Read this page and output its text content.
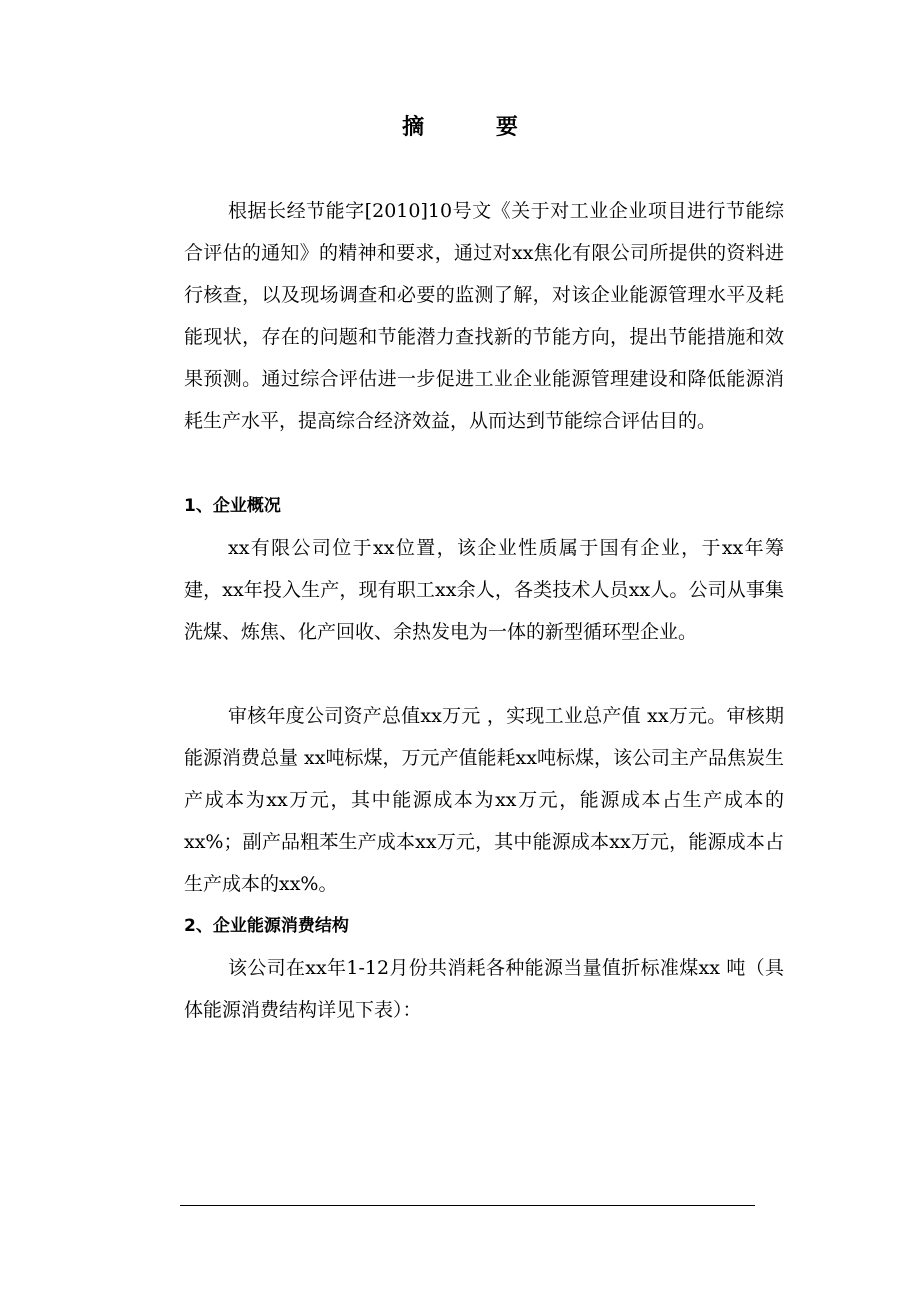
摘 要

根据长经节能字[2010]10号文《关于对工业企业项目进行节能综合评估的通知》的精神和要求，通过对xx焦化有限公司所提供的资料进行核查，以及现场调查和必要的监测了解，对该企业能源管理水平及耗能现状，存在的问题和节能潜力查找新的节能方向，提出节能措施和效果预测。通过综合评估进一步促进工业企业能源管理建设和降低能源消耗生产水平，提高综合经济效益，从而达到节能综合评估目的。

1、企业概况

xx有限公司位于xx位置，该企业性质属于国有企业，于xx年筹建，xx年投入生产，现有职工xx余人，各类技术人员xx人。公司从事集洗煤、炼焦、化产回收、余热发电为一体的新型循环型企业。

审核年度公司资产总值xx万元 ，实现工业总产值 xx万元。审核期能源消费总量 xx吨标煤，万元产值能耗xx吨标煤，该公司主产品焦炭生产成本为xx万元，其中能源成本为xx万元，能源成本占生产成本的xx%；副产品粗苯生产成本xx万元，其中能源成本xx万元，能源成本占生产成本的xx%。

2、企业能源消费结构

该公司在xx年1-12月份共消耗各种能源当量值折标准煤xx 吨（具体能源消费结构详见下表）：
